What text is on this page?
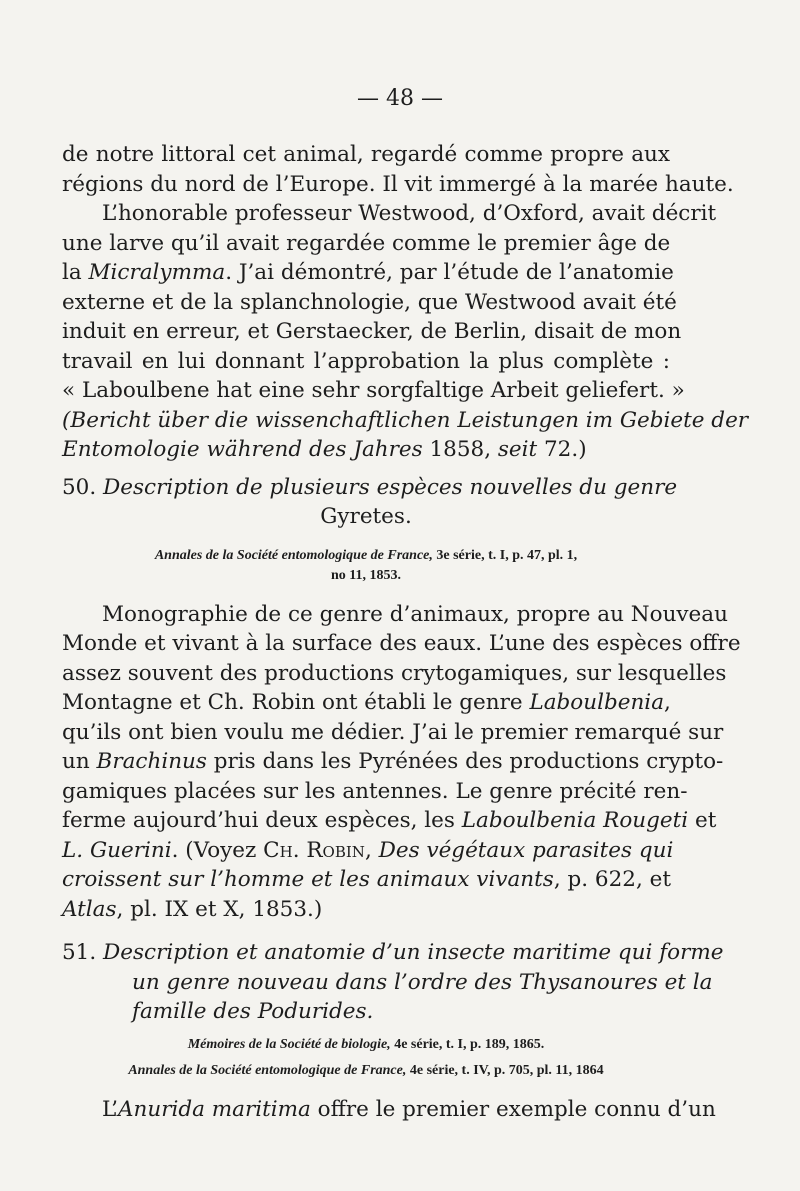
— 48 —
de notre littoral cet animal, regardé comme propre aux
régions du nord de l’Europe. Il vit immergé à la marée haute.
L’honorable professeur Westwood, d’Oxford, avait décrit
une larve qu’il avait regardée comme le premier âge de
la Micralymma. J’ai démontré, par l’étude de l’anatomie
externe et de la splanchnologie, que Westwood avait été
induit en erreur, et Gerstaecker, de Berlin, disait de mon
travail en lui donnant l’approbation la plus complète :
« Laboulbene hat eine sehr sorgfaltige Arbeit geliefert. »
(Bericht über die wissenchaftlichen Leistungen im Gebiete der
Entomologie während des Jahres 1858, seit 72.)
50. Description de plusieurs espèces nouvelles du genre
Gyretes.
Annales de la Société entomologique de France, 3e série, t. I, p. 47, pl. 1,
no 11, 1853.
Monographie de ce genre d’animaux, propre au Nouveau
Monde et vivant à la surface des eaux. L’une des espèces offre
assez souvent des productions crytogamiques, sur lesquelles
Montagne et Ch. Robin ont établi le genre Laboulbenia,
qu’ils ont bien voulu me dédier. J’ai le premier remarqué sur
un Brachinus pris dans les Pyrénées des productions crypto-
gamiques placées sur les antennes. Le genre précité ren-
ferme aujourd’hui deux espèces, les Laboulbenia Rougeti et
L. Guerini. (Voyez Ch. Robin, Des végétaux parasites qui
croissent sur l’homme et les animaux vivants, p. 622, et
Atlas, pl. IX et X, 1853.)
51. Description et anatomie d’un insecte maritime qui forme
un genre nouveau dans l’ordre des Thysanoures et la
famille des Podurides.
Mémoires de la Société de biologie, 4e série, t. I, p. 189, 1865.
Annales de la Société entomologique de France, 4e série, t. IV, p. 705, pl. 11, 1864
L’Anurida maritima offre le premier exemple connu d’un
